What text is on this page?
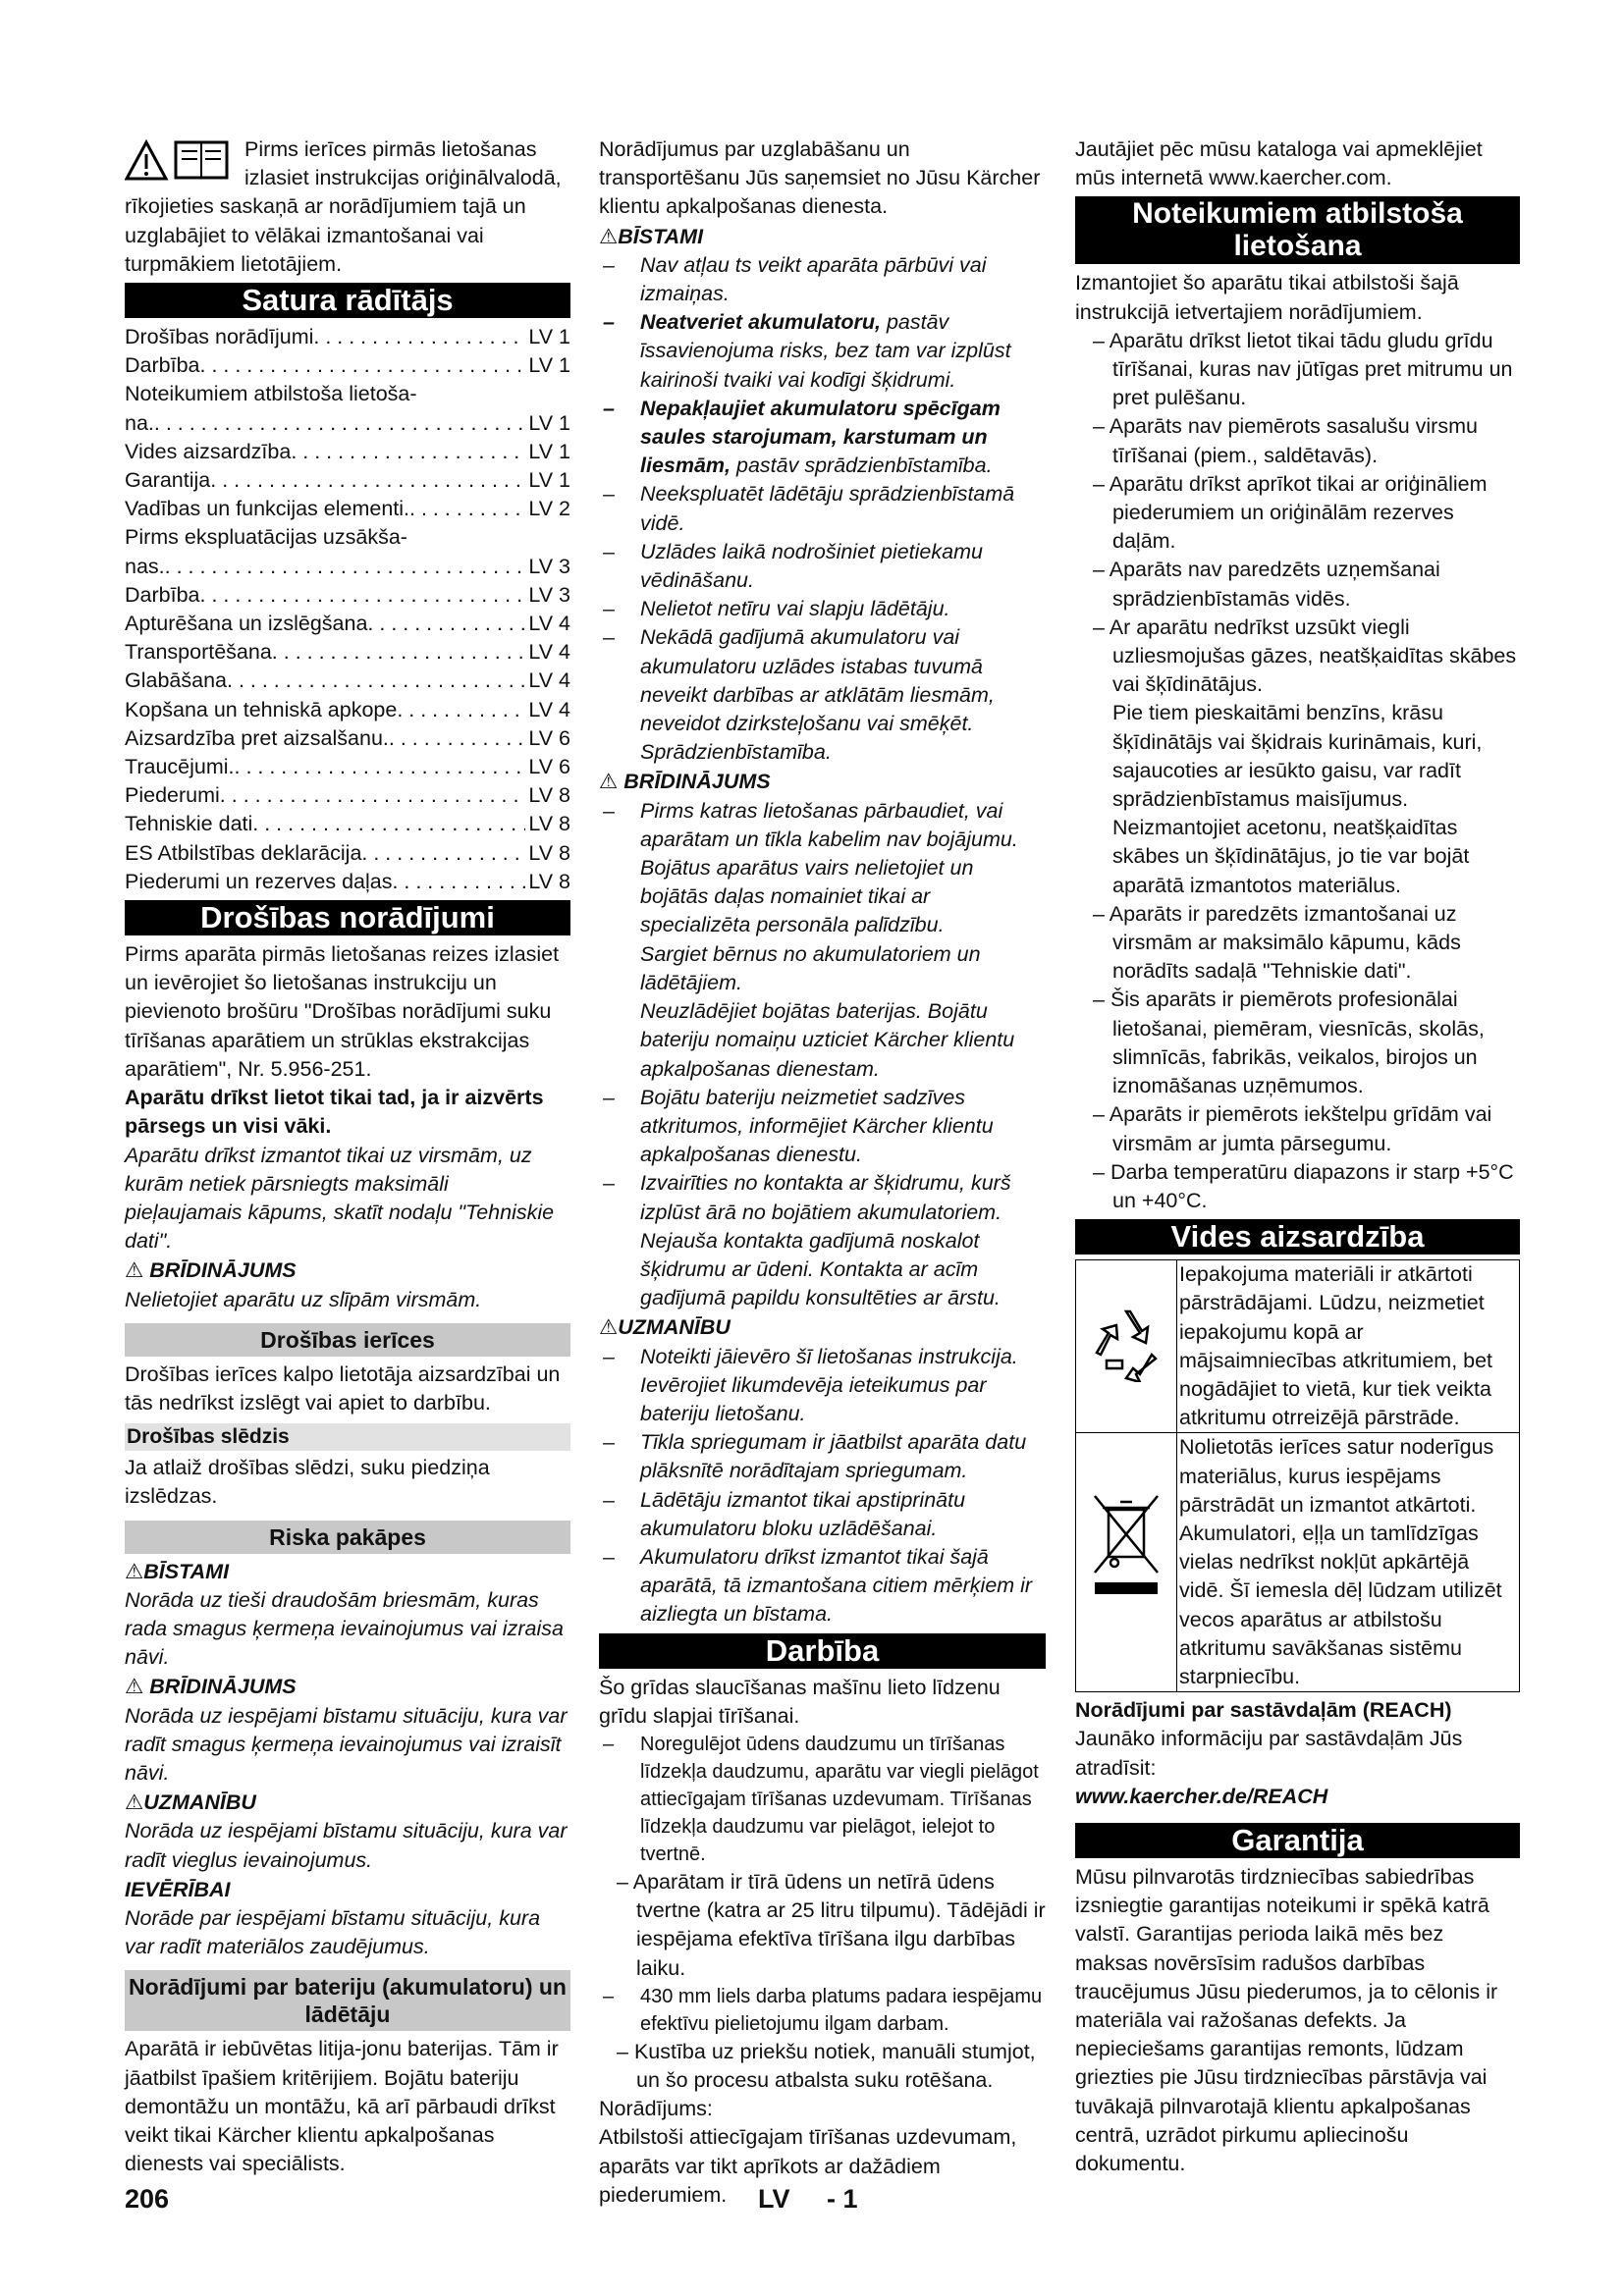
Pirms ierīces pirmās lietošanas izlasiet instrukcijas oriģinālvalodā, rīkojieties saskaņā ar norādījumiem tajā un uzglabājiet to vēlākai izmantošanai vai turpmākiem lietotājiem.

Satura rādītājs
Drošības norādījumi . . .	LV 1
Darbība . . .	LV 1
Noteikumiem atbilstoša lietoša-
na. . . .	LV 1
Vides aizsardzība . . .	LV 1
Garantija . . .	LV 1
Vadības un funkcijas elementi. . . .	LV 2
Pirms ekspluatācijas uzsākša-
nas. . . .	LV 3
Darbība . . .	LV 3
Apturēšana un izslēgšana . . .	LV 4
Transportēšana . . .	LV 4
Glabāšana . . .	LV 4
Kopšana un tehniskā apkope . . .	LV 4
Aizsardzība pret aizsalšanu. . . .	LV 6
Traucējumi. . . .	LV 6
Piederumi . . .	LV 8
Tehniskie dati . . .	LV 8
ES Atbilstības deklarācija . . .	LV 8
Piederumi un rezerves daļas . . .	LV 8
Drošības norādījumi

Pirms aparāta pirmās lietošanas reizes izlasiet un ievērojiet šo lietošanas instrukciju un pievienoto brošūru "Drošības norādījumi suku tīrīšanas aparātiem un strūklas ekstrakcijas aparātiem", Nr. 5.956-251.

Aparātu drīkst lietot tikai tad, ja ir aizvērts pārsegs un visi vāki.

Aparātu drīkst izmantot tikai uz virsmām, uz kurām netiek pārsniegts maksimāli pieļaujamais kāpums, skatīt nodaļu "Tehniskie dati".

⚠ BRĪDINĀJUMS

Nelietojiet aparātu uz slīpām virsmām.

Drošības ierīces

Drošības ierīces kalpo lietotāja aizsardzībai un tās nedrīkst izslēgt vai apiet to darbību.

Drošības slēdzis

Ja atlaiž drošības slēdzi, suku piedziņa izslēdzas.

Riska pakāpes
⚠BĪSTAMI

Norāda uz tieši draudošām briesmām, kuras rada smagus ķermeņa ievainojumus vai izraisa nāvi.

⚠ BRĪDINĀJUMS

Norāda uz iespējami bīstamu situāciju, kura var radīt smagus ķermeņa ievainojumus vai izraisīt nāvi.

⚠UZMANĪBU

Norāda uz iespējami bīstamu situāciju, kura var radīt vieglus ievainojumus.

IEVĒRĪBAI

Norāde par iespējami bīstamu situāciju, kura var radīt materiālos zaudējumus.

Norādījumi par bateriju (akumulatoru) un lādētāju

Aparātā ir iebūvētas litija-jonu baterijas. Tām ir jāatbilst īpašiem kritērijiem. Bojātu bateriju demontāžu un montāžu, kā arī pārbaudi drīkst veikt tikai Kärcher klientu apkalpošanas dienests vai speciālists.

Norādījumus par uzglabāšanu un transportēšanu Jūs saņemsiet no Jūsu Kärcher klientu apkalpošanas dienesta.

⚠BĪSTAMI
– Nav atļau ts veikt aparāta pārbūvi vai izmaiņas.
– Neatveriet akumulatoru, pastāv īssavienojuma risks, bez tam var izplūst kairinoši tvaiki vai kodīgi šķidrumi.
– Nepakļaujiet akumulatoru spēcīgam saules starojumam, karstumam un liesmām, pastāv sprādzienbīstamība.
– Neekspluatēt lādētāju sprādzienbīstamā vidē.
– Uzlādes laikā nodrošiniet pietiekamu vēdināšanu.
– Nelietot netīru vai slapju lādētāju.
– Nekādā gadījumā akumulatoru vai akumulatoru uzlādes istabas tuvumā neveikt darbības ar atklātām liesmām, neveidot dzirksteļošanu vai smēķēt. Sprādzienbīstamība.
⚠ BRĪDINĀJUMS
– Pirms katras lietošanas pārbaudiet, vai aparātam un tīkla kabelim nav bojājumu. Bojātus aparātus vairs nelietojiet un bojātās daļas nomainiet tikai ar specializēta personāla palīdzību.

Sargiet bērnus no akumulatoriem un lādētājiem.

Neuzlādējiet bojātas baterijas. Bojātu bateriju nomaiņu uzticiet Kärcher klientu apkalpošanas dienestam.

– Bojātu bateriju neizmetiet sadzīves atkritumos, informējiet Kärcher klientu apkalpošanas dienestu.
– Izvairīties no kontakta ar šķidrumu, kurš izplūst ārā no bojātiem akumulatoriem. Nejauša kontakta gadījumā noskalot šķidrumu ar ūdeni. Kontakta ar acīm gadījumā papildu konsultēties ar ārstu.
⚠UZMANĪBU
– Noteikti jāievēro šī lietošanas instrukcija. Ievērojiet likumdevēja ieteikumus par bateriju lietošanu.
– Tīkla spriegumam ir jāatbilst aparāta datu plāksnītē norādītajam spriegumam.
– Lādētāju izmantot tikai apstiprinātu akumulatoru bloku uzlādēšanai.
– Akumulatoru drīkst izmantot tikai šajā aparātā, tā izmantošana citiem mērķiem ir aizliegta un bīstama.
Darbība

Šo grīdas slaucīšanas mašīnu lieto līdzenu grīdu slapjai tīrīšanai.

– Noregulējot ūdens daudzumu un tīrīšanas līdzekļa daudzumu, aparātu var viegli pielāgot attiecīgajam tīrīšanas uzdevumam. Tīrīšanas līdzekļa daudzumu var pielāgot, ielejot to tvertnē.
– Aparātam ir tīrā ūdens un netīrā ūdens tvertne (katra ar 25 litru tilpumu). Tādējādi ir iespējama efektīva tīrīšana ilgu darbības laiku.
– 430 mm liels darba platums padara iespējamu efektīvu pielietojumu ilgam darbam.
– Kustība uz priekšu notiek, manuāli stumjot, un šo procesu atbalsta suku rotēšana.

Norādījums:

Atbilstoši attiecīgajam tīrīšanas uzdevumam, aparāts var tikt aprīkots ar dažādiem piederumiem.

Jautājiet pēc mūsu kataloga vai apmeklējiet mūs internetā www.kaercher.com.

Noteikumiem atbilstoša lietošana

Izmantojiet šo aparātu tikai atbilstoši šajā instrukcijā ietvertajiem norādījumiem.

– Aparātu drīkst lietot tikai tādu gludu grīdu tīrīšanai, kuras nav jūtīgas pret mitrumu un pret pulēšanu.
– Aparāts nav piemērots sasalušu virsmu tīrīšanai (piem., saldētavās).
– Aparātu drīkst aprīkot tikai ar oriģināliem piederumiem un oriģinālām rezerves daļām.
– Aparāts nav paredzēts uzņemšanai sprādzienbīstamās vidēs.
– Ar aparātu nedrīkst uzsūkt viegli uzliesmojušas gāzes, neatšķaidītas skābes vai šķīdinātājus.

Pie tiem pieskaitāmi benzīns, krāsu šķīdinātājs vai šķidrais kurināmais, kuri, sajaucoties ar iesūkto gaisu, var radīt sprādzienbīstamus maisījumus. Neizmantojiet acetonu, neatšķaidītas skābes un šķīdinātājus, jo tie var bojāt aparātā izmantotos materiālus.

– Aparāts ir paredzēts izmantošanai uz virsmām ar maksimālo kāpumu, kāds norādīts sadaļā "Tehniskie dati".
– Šis aparāts ir piemērots profesionālai lietošanai, piemēram, viesnīcās, skolās, slimnīcās, fabrikās, veikalos, birojos un iznomāšanas uzņēmumos.
– Aparāts ir piemērots iekštelpu grīdām vai virsmām ar jumta pārsegumu.
– Darba temperatūru diapazons ir starp +5°C un +40°C.
Vides aizsardzība
	Iepakojuma materiāli ir atkārtoti pārstrādājami. Lūdzu, neizmetiet iepakojumu kopā ar mājsaimniecības atkritumiem, bet nogādājiet to vietā, kur tiek veikta atkritumu otrreizējā pārstrāde.
	Nolietotās ierīces satur noderīgus materiālus, kurus iespējams pārstrādāt un izmantot atkārtoti. Akumulatori, eļļa un tamlīdzīgas vielas nedrīkst nokļūt apkārtējā vidē. Šī iemesla dēļ lūdzam utilizēt vecos aparātus ar atbilstošu atkritumu savākšanas sistēmu starpniecību.

Norādījumi par sastāvdaļām (REACH)

Jaunāko informāciju par sastāvdaļām Jūs atradīsit:

www.kaercher.de/REACH

Garantija

Mūsu pilnvarotās tirdzniecības sabiedrības izsniegtie garantijas noteikumi ir spēkā katrā valstī. Garantijas perioda laikā mēs bez maksas novērsīsim radušos darbības traucējumus Jūsu piederumos, ja to cēlonis ir materiāla vai ražošanas defekts. Ja nepieciešams garantijas remonts, lūdzam griezties pie Jūsu tirdzniecības pārstāvja vai tuvākajā pilnvarotajā klientu apkalpošanas centrā, uzrādot pirkumu apliecinošu dokumentu.

206	LV - 1
